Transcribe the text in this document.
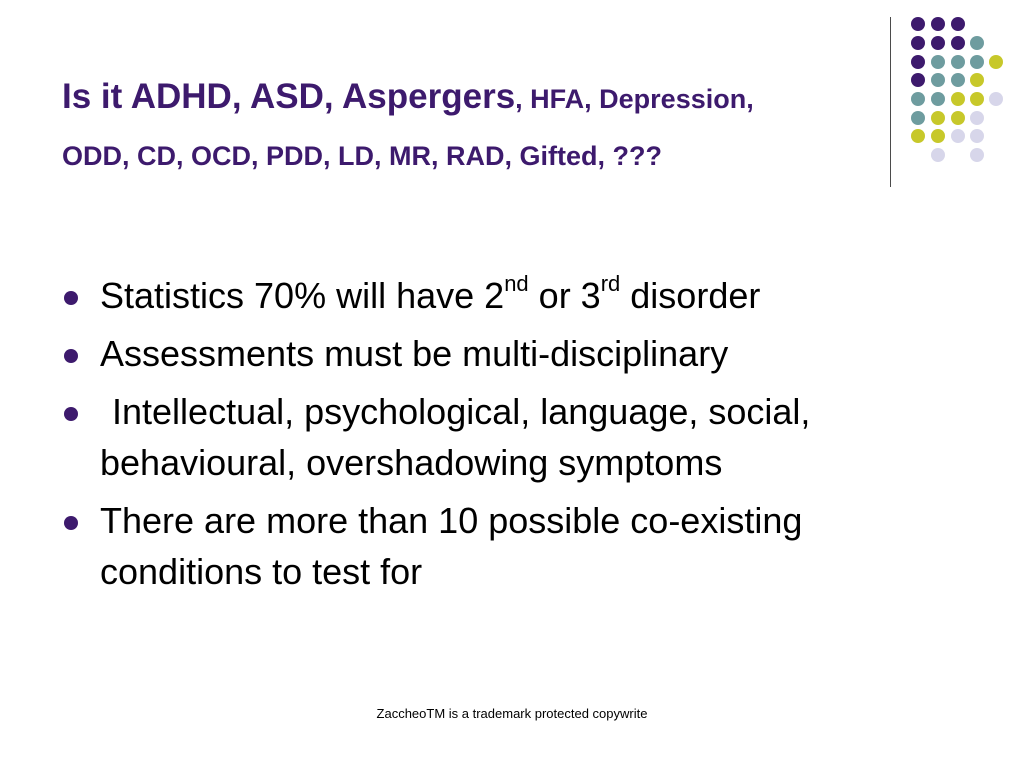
Is it ADHD, ASD, Aspergers, HFA, Depression,
ODD, CD, OCD, PDD, LD, MR, RAD, Gifted, ???
Statistics 70% will have 2nd or 3rd disorder
Assessments must be multi-disciplinary
Intellectual, psychological, language, social, behavioural, overshadowing symptoms
There are more than 10 possible co-existing conditions to test for
ZaccheoTM is a trademark protected copywrite
